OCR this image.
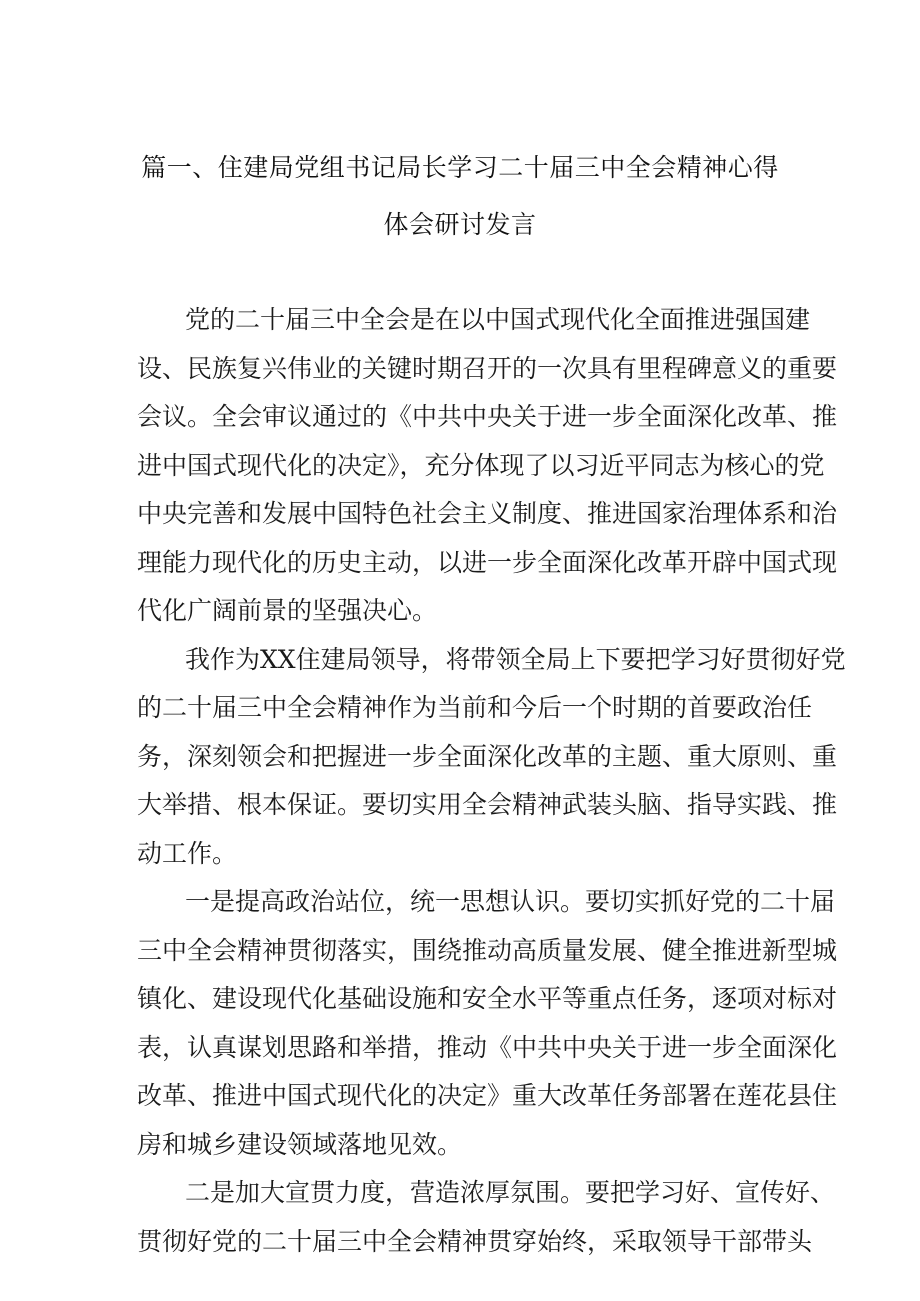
篇一、住建局党组书记局长学习二十届三中全会精神心得
体会研讨发言
党的二十届三中全会是在以中国式现代化全面推进强国建
设、民族复兴伟业的关键时期召开的一次具有里程碑意义的重要
会议。全会审议通过的《中共中央关于进一步全面深化改革、推
进中国式现代化的决定》，充分体现了以习近平同志为核心的党
中央完善和发展中国特色社会主义制度、推进国家治理体系和治
理能力现代化的历史主动，以进一步全面深化改革开辟中国式现
代化广阔前景的坚强决心。
我作为XX住建局领导，将带领全局上下要把学习好贯彻好党
的二十届三中全会精神作为当前和今后一个时期的首要政治任
务，深刻领会和把握进一步全面深化改革的主题、重大原则、重
大举措、根本保证。要切实用全会精神武装头脑、指导实践、推
动工作。
一是提高政治站位，统一思想认识。要切实抓好党的二十届
三中全会精神贯彻落实，围绕推动高质量发展、健全推进新型城
镇化、建设现代化基础设施和安全水平等重点任务，逐项对标对
表，认真谋划思路和举措，推动《中共中央关于进一步全面深化
改革、推进中国式现代化的决定》重大改革任务部署在莲花县住
房和城乡建设领域落地见效。
二是加大宣贯力度，营造浓厚氛围。要把学习好、宣传好、
贯彻好党的二十届三中全会精神贯穿始终，采取领导干部带头
